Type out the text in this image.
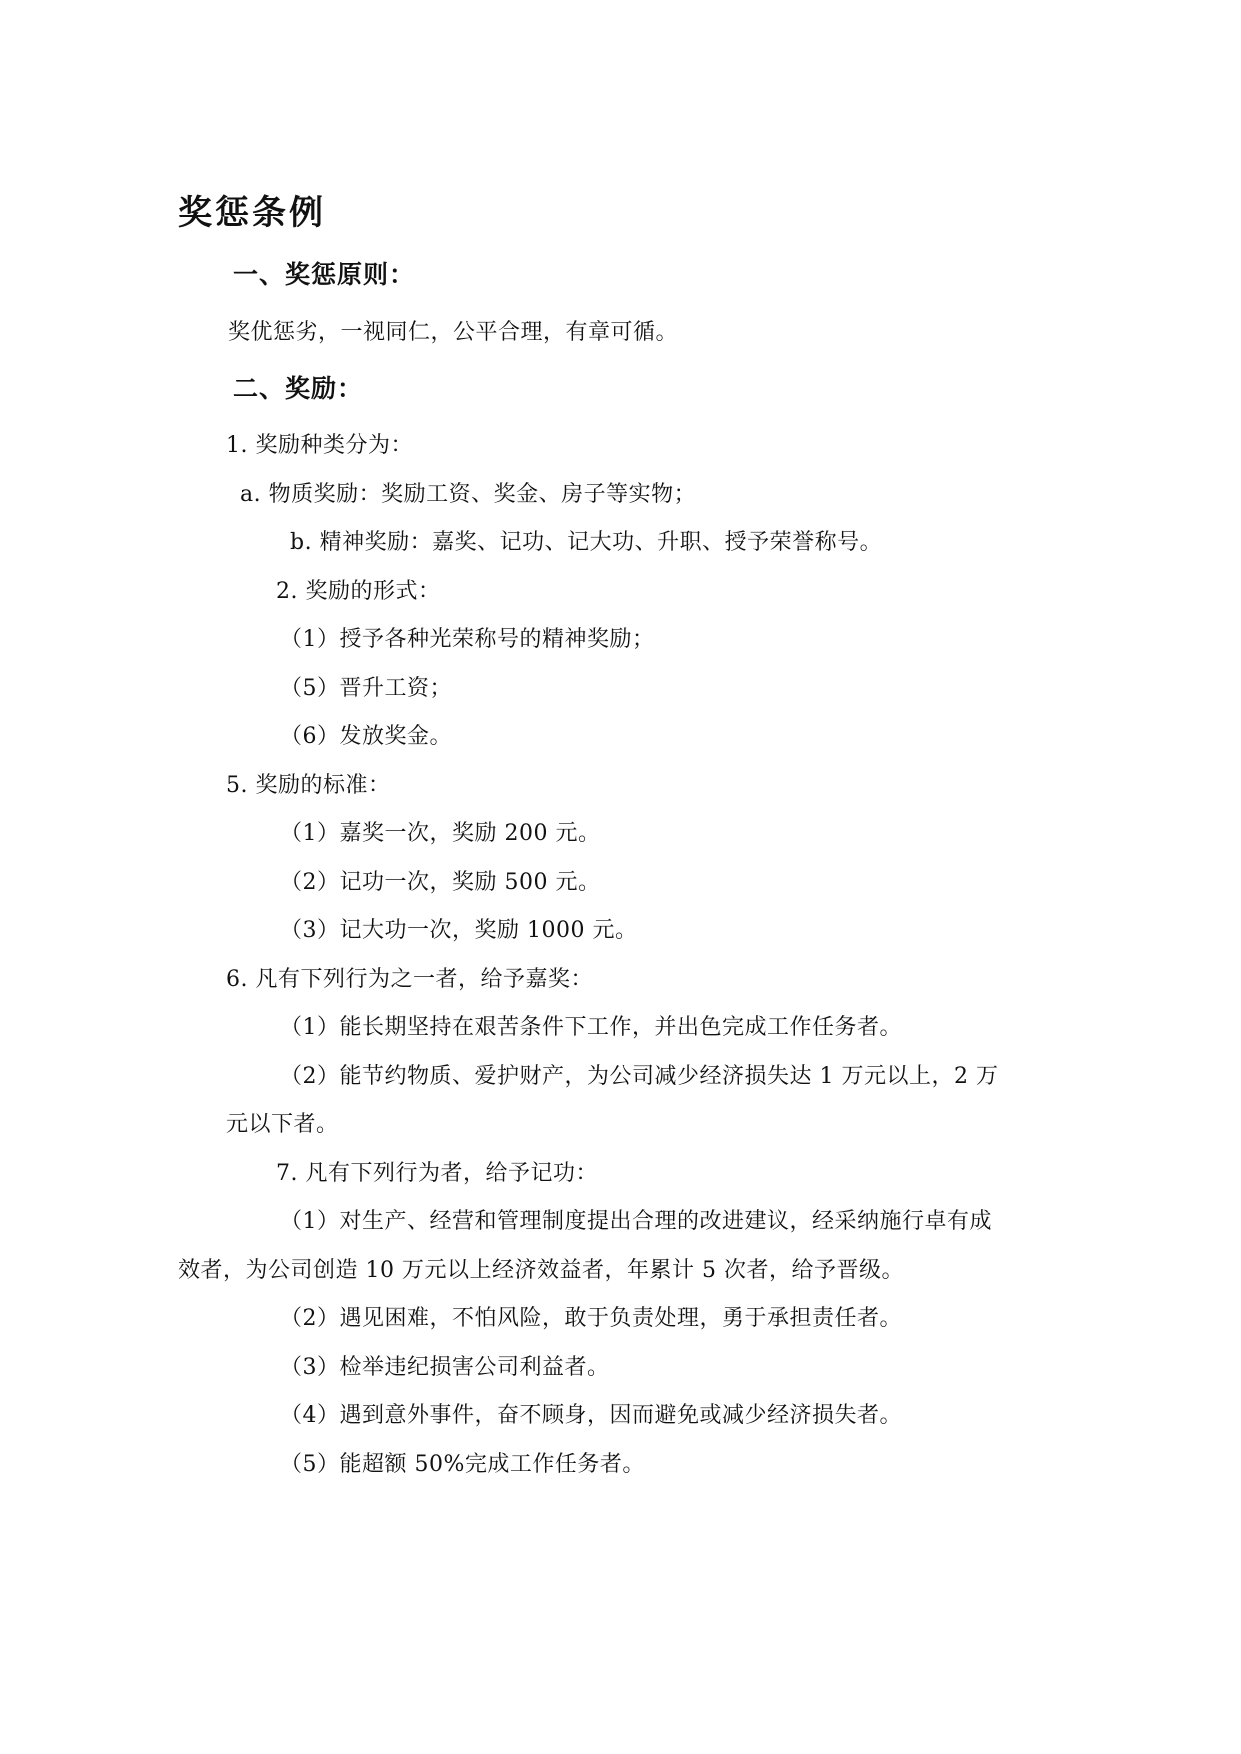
奖惩条例
一、奖惩原则：
奖优惩劣，一视同仁，公平合理，有章可循。
二、奖励：
1. 奖励种类分为：
a. 物质奖励：奖励工资、奖金、房子等实物；
b. 精神奖励：嘉奖、记功、记大功、升职、授予荣誉称号。
2. 奖励的形式：
（1）授予各种光荣称号的精神奖励；
（5）晋升工资；
（6）发放奖金。
5. 奖励的标准：
（1）嘉奖一次，奖励 200 元。
（2）记功一次，奖励 500 元。
（3）记大功一次，奖励 1000 元。
6. 凡有下列行为之一者，给予嘉奖：
（1）能长期坚持在艰苦条件下工作，并出色完成工作任务者。
（2）能节约物质、爱护财产，为公司减少经济损失达 1 万元以上，2 万
元以下者。
7. 凡有下列行为者，给予记功：
（1）对生产、经营和管理制度提出合理的改进建议，经采纳施行卓有成
效者，为公司创造 10 万元以上经济效益者，年累计 5 次者，给予晋级。
（2）遇见困难，不怕风险，敢于负责处理，勇于承担责任者。
（3）检举违纪损害公司利益者。
（4）遇到意外事件，奋不顾身，因而避免或减少经济损失者。
（5）能超额 50%完成工作任务者。
